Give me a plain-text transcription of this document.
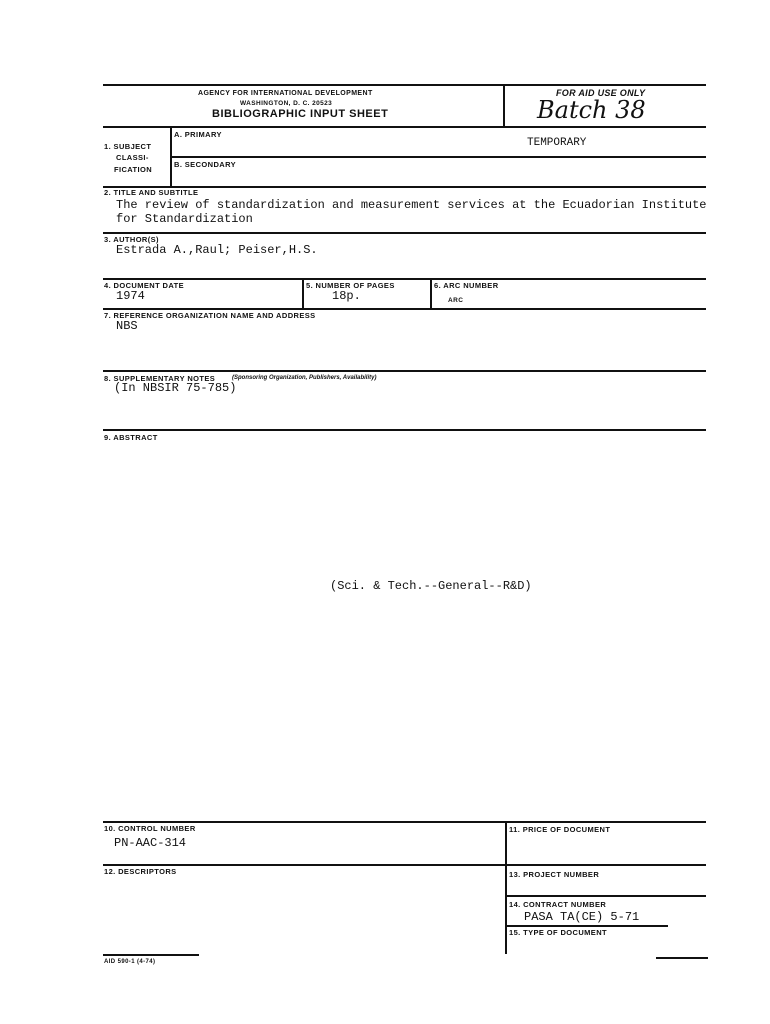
AGENCY FOR INTERNATIONAL DEVELOPMENT
WASHINGTON, D. C. 20523
BIBLIOGRAPHIC INPUT SHEET
FOR AID USE ONLY
Batch 38
1. SUBJECT
CLASSI-
FICATION
A. PRIMARY
TEMPORARY
B. SECONDARY
2. TITLE AND SUBTITLE
The review of standardization and measurement services at the Ecuadorian Institute
for Standardization
3. AUTHOR(S)
Estrada A.,Raul; Peiser,H.S.
4. DOCUMENT DATE
1974
5. NUMBER OF PAGES
18p.
6. ARC NUMBER
ARC
7. REFERENCE ORGANIZATION NAME AND ADDRESS
NBS
8. SUPPLEMENTARY NOTES	(Sponsoring Organization, Publishers, Availability)
(In NBSIR 75-785)
9. ABSTRACT
(Sci. & Tech.--General--R&D)
10. CONTROL NUMBER
PN-AAC-314
11. PRICE OF DOCUMENT
12. DESCRIPTORS	13. PROJECT NUMBER
14. CONTRACT NUMBER
PASA TA(CE) 5-71
15. TYPE OF DOCUMENT
AID 590-1 (4-74)
